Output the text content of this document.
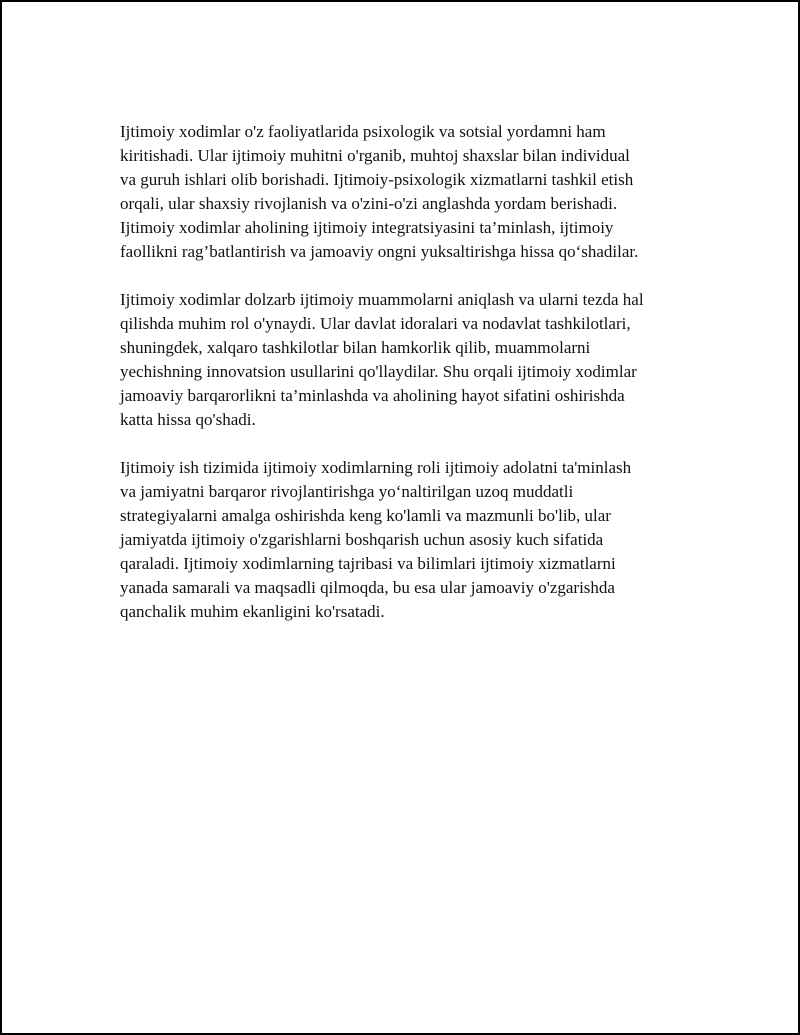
Ijtimoiy xodimlar o'z faoliyatlarida psixologik va sotsial yordamni ham
kiritishadi. Ular ijtimoiy muhitni o'rganib, muhtoj shaxslar bilan individual
va guruh ishlari olib borishadi. Ijtimoiy-psixologik xizmatlarni tashkil etish
orqali, ular shaxsiy rivojlanish va o'zini-o'zi anglashda yordam berishadi.
Ijtimoiy xodimlar aholining ijtimoiy integratsiyasini ta’minlash, ijtimoiy
faollikni rag’batlantirish va jamoaviy ongni yuksaltirishga hissa qo‘shadilar.

Ijtimoiy xodimlar dolzarb ijtimoiy muammolarni aniqlash va ularni tezda hal
qilishda muhim rol o'ynaydi. Ular davlat idoralari va nodavlat tashkilotlari,
shuningdek, xalqaro tashkilotlar bilan hamkorlik qilib, muammolarni
yechishning innovatsion usullarini qo'llaydilar. Shu orqali ijtimoiy xodimlar
jamoaviy barqarorlikni ta’minlashda va aholining hayot sifatini oshirishda
katta hissa qo'shadi.

Ijtimoiy ish tizimida ijtimoiy xodimlarning roli ijtimoiy adolatni ta'minlash
va jamiyatni barqaror rivojlantirishga yo‘naltirilgan uzoq muddatli
strategiyalarni amalga oshirishda keng ko'lamli va mazmunli bo'lib, ular
jamiyatda ijtimoiy o'zgarishlarni boshqarish uchun asosiy kuch sifatida
qaraladi. Ijtimoiy xodimlarning tajribasi va bilimlari ijtimoiy xizmatlarni
yanada samarali va maqsadli qilmoqda, bu esa ular jamoaviy o'zgarishda
qanchalik muhim ekanligini ko'rsatadi.
